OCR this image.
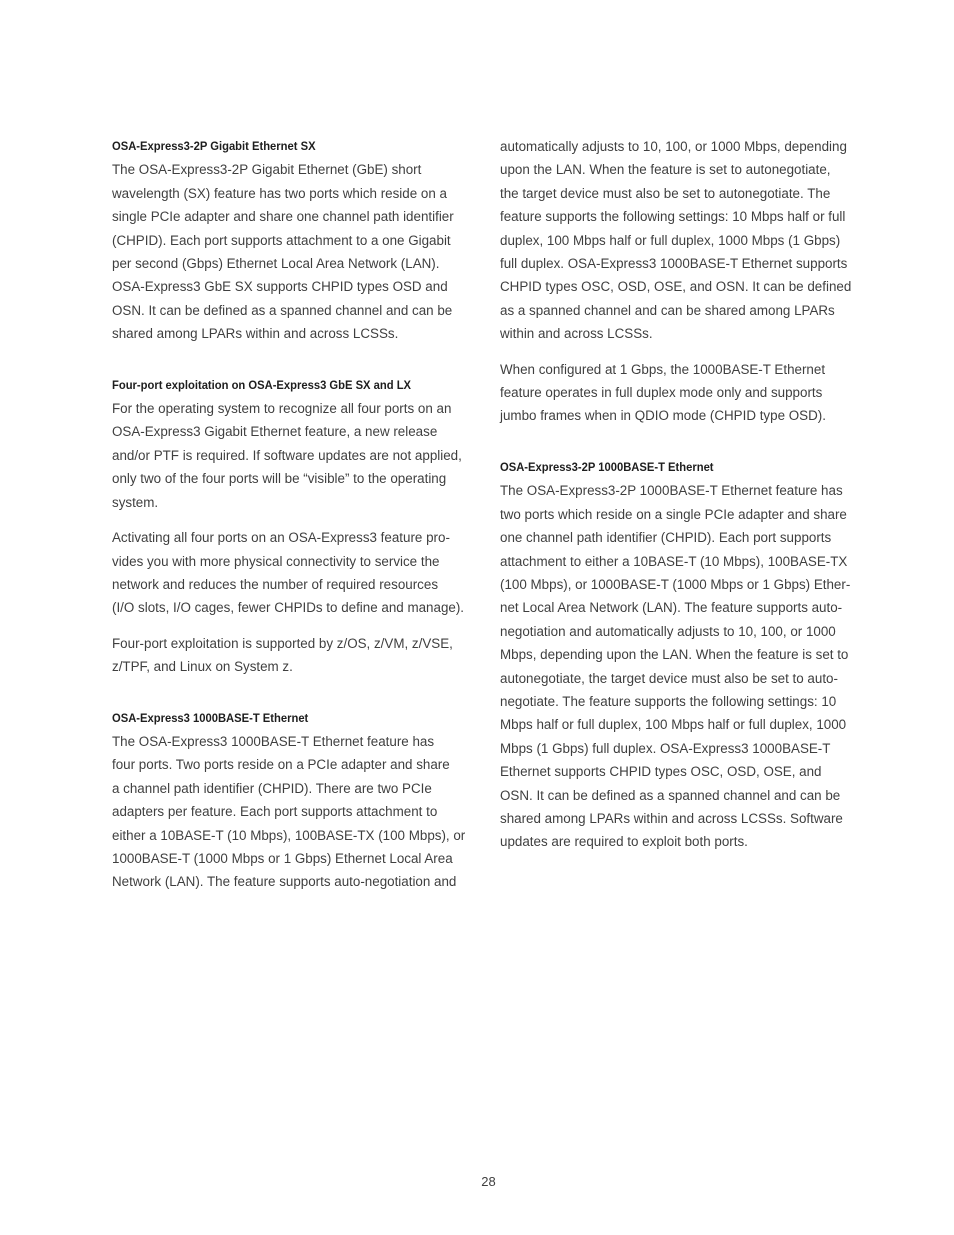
OSA-Express3-2P Gigabit Ethernet SX
The OSA-Express3-2P Gigabit Ethernet (GbE) short
wavelength (SX) feature has two ports which reside on a
single PCIe adapter and share one channel path identifier
(CHPID). Each port supports attachment to a one Gigabit
per second (Gbps) Ethernet Local Area Network (LAN).
OSA-Express3 GbE SX supports CHPID types OSD and
OSN. It can be defined as a spanned channel and can be
shared among LPARs within and across LCSSs.
Four-port exploitation on OSA-Express3 GbE SX and LX
For the operating system to recognize all four ports on an
OSA-Express3 Gigabit Ethernet feature, a new release
and/or PTF is required. If software updates are not applied,
only two of the four ports will be “visible” to the operating
system.
Activating all four ports on an OSA-Express3 feature pro-
vides you with more physical connectivity to service the
network and reduces the number of required resources
(I/O slots, I/O cages, fewer CHPIDs to define and manage).
Four-port exploitation is supported by z/OS, z/VM, z/VSE,
z/TPF, and Linux on System z.
OSA-Express3 1000BASE-T Ethernet
The OSA-Express3 1000BASE-T Ethernet feature has
four ports. Two ports reside on a PCIe adapter and share
a channel path identifier (CHPID). There are two PCIe
adapters per feature. Each port supports attachment to
either a 10BASE-T (10 Mbps), 100BASE-TX (100 Mbps), or
1000BASE-T (1000 Mbps or 1 Gbps) Ethernet Local Area
Network (LAN). The feature supports auto-negotiation and
automatically adjusts to 10, 100, or 1000 Mbps, depending
upon the LAN. When the feature is set to autonegotiate,
the target device must also be set to autonegotiate. The
feature supports the following settings: 10 Mbps half or full
duplex, 100 Mbps half or full duplex, 1000 Mbps (1 Gbps)
full duplex. OSA-Express3 1000BASE-T Ethernet supports
CHPID types OSC, OSD, OSE, and OSN. It can be defined
as a spanned channel and can be shared among LPARs
within and across LCSSs.
When configured at 1 Gbps, the 1000BASE-T Ethernet
feature operates in full duplex mode only and supports
jumbo frames when in QDIO mode (CHPID type OSD).
OSA-Express3-2P 1000BASE-T Ethernet
The OSA-Express3-2P 1000BASE-T Ethernet feature has
two ports which reside on a single PCIe adapter and share
one channel path identifier (CHPID). Each port supports
attachment to either a 10BASE-T (10 Mbps), 100BASE-TX
(100 Mbps), or 1000BASE-T (1000 Mbps or 1 Gbps) Ether-
net Local Area Network (LAN). The feature supports auto-
negotiation and automatically adjusts to 10, 100, or 1000
Mbps, depending upon the LAN. When the feature is set to
autonegotiate, the target device must also be set to auto-
negotiate. The feature supports the following settings: 10
Mbps half or full duplex, 100 Mbps half or full duplex, 1000
Mbps (1 Gbps) full duplex. OSA-Express3 1000BASE-T
Ethernet supports CHPID types OSC, OSD, OSE, and
OSN. It can be defined as a spanned channel and can be
shared among LPARs within and across LCSSs. Software
updates are required to exploit both ports.
28
